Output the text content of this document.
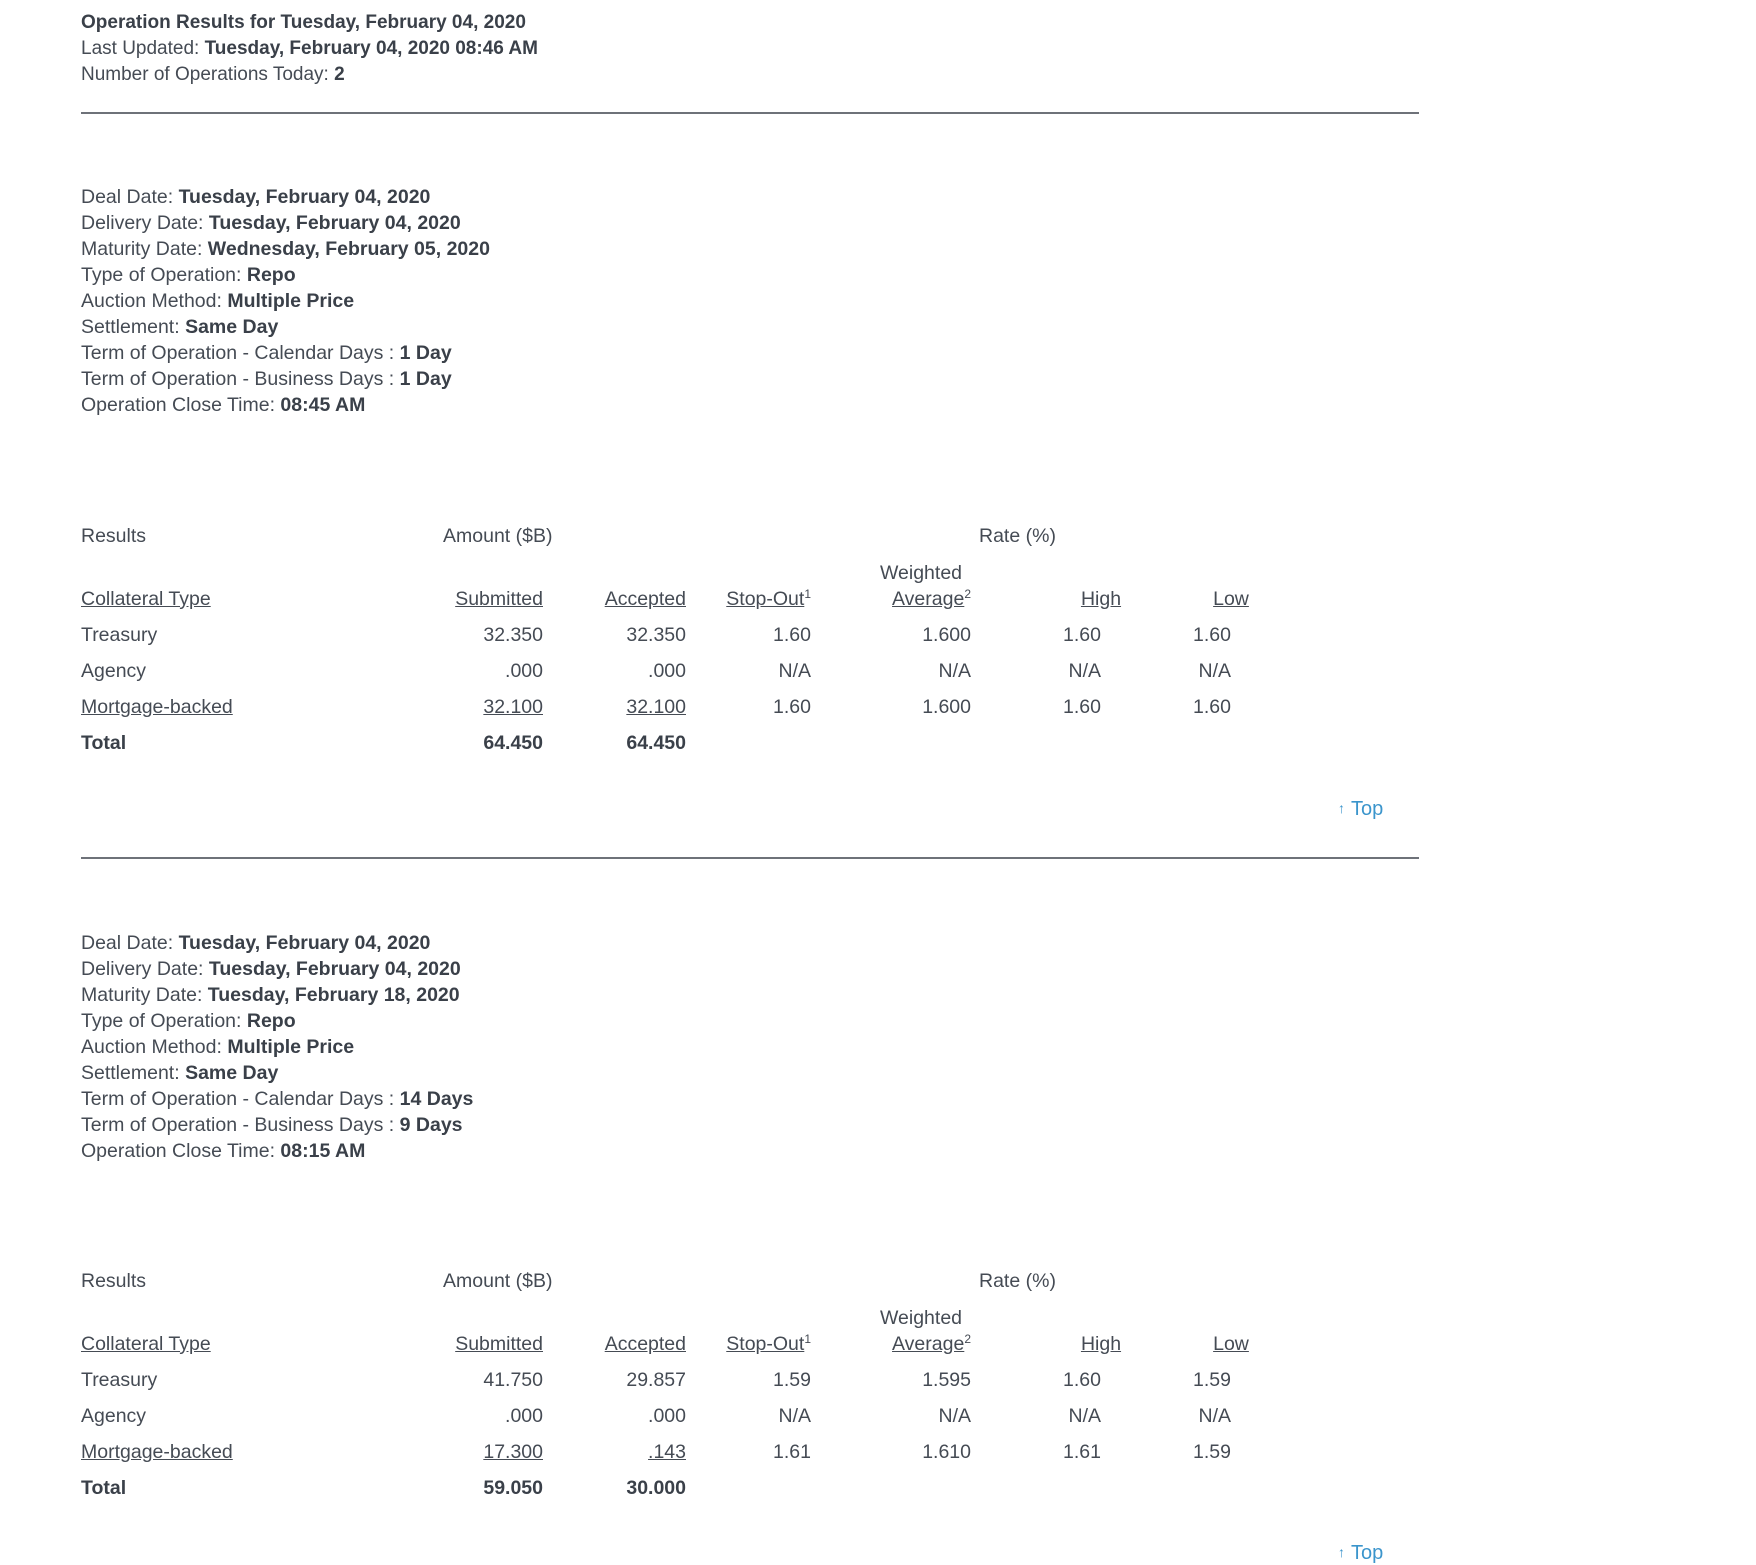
Operation Results for Tuesday, February 04, 2020
Last Updated: Tuesday, February 04, 2020 08:46 AM
Number of Operations Today: 2
Deal Date: Tuesday, February 04, 2020
Delivery Date: Tuesday, February 04, 2020
Maturity Date: Wednesday, February 05, 2020
Type of Operation: Repo
Auction Method: Multiple Price
Settlement: Same Day
Term of Operation - Calendar Days : 1 Day
Term of Operation - Business Days : 1 Day
Operation Close Time: 08:45 AM
Results	Amount ($B)	Rate (%)
Weighted
Collateral Type	Submitted	Accepted	Stop-Out$^1$	Average$^2$	High	Low
Treasury	32.350	32.350	1.60	1.600	1.60	1.60
Agency	.000	.000	N/A	N/A	N/A	N/A
Mortgage-backed	32.100	32.100	1.60	1.600	1.60	1.60
Total	64.450	64.450
↑ Top
Deal Date: Tuesday, February 04, 2020
Delivery Date: Tuesday, February 04, 2020
Maturity Date: Tuesday, February 18, 2020
Type of Operation: Repo
Auction Method: Multiple Price
Settlement: Same Day
Term of Operation - Calendar Days : 14 Days
Term of Operation - Business Days : 9 Days
Operation Close Time: 08:15 AM
Results	Amount ($B)	Rate (%)
Weighted
Collateral Type	Submitted	Accepted	Stop-Out$^1$	Average$^2$	High	Low
Treasury	41.750	29.857	1.59	1.595	1.60	1.59
Agency	.000	.000	N/A	N/A	N/A	N/A
Mortgage-backed	17.300	.143	1.61	1.610	1.61	1.59
Total	59.050	30.000
↑ Top
